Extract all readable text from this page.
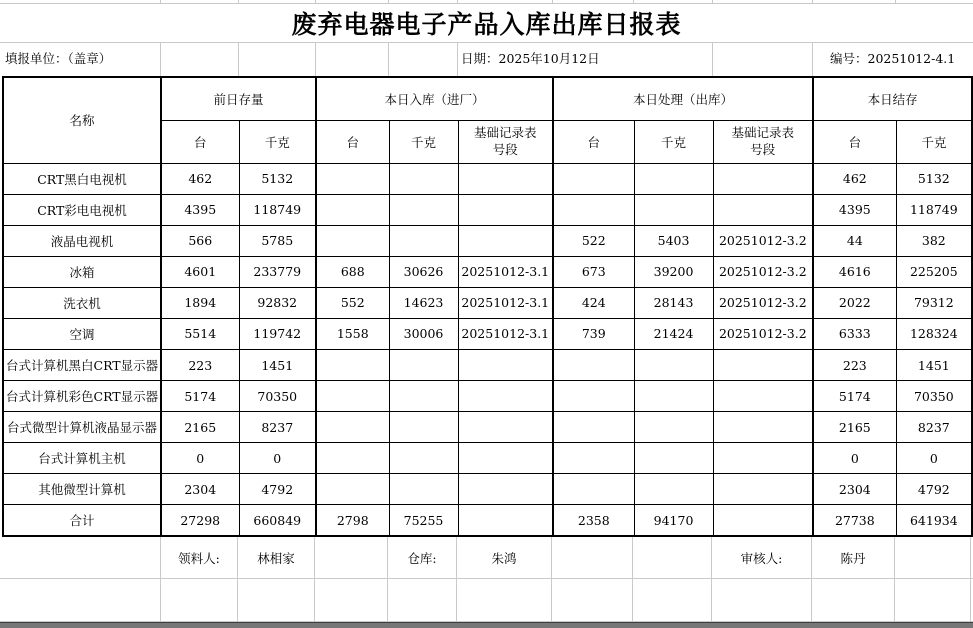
废弃电器电子产品入库出库日报表
填报单位：（盖章）	日期：2025年10月12日	编号：20251012-4.1
名称	前日存量		本日入库（进厂）			本日处理（出库）			本日结存	
	台	千克	台	千克	基础记录表号段	台	千克	基础记录表号段	台	千克
CRT黑白电视机	462	5132							462	5132
CRT彩电电视机	4395	118749							4395	118749
液晶电视机	566	5785				522	5403	20251012-3.2	44	382
冰箱	4601	233779	688	30626	20251012-3.1	673	39200	20251012-3.2	4616	225205
洗衣机	1894	92832	552	14623	20251012-3.1	424	28143	20251012-3.2	2022	79312
空调	5514	119742	1558	30006	20251012-3.1	739	21424	20251012-3.2	6333	128324
台式计算机黑白CRT显示器	223	1451							223	1451
台式计算机彩色CRT显示器	5174	70350							5174	70350
台式微型计算机液晶显示器	2165	8237							2165	8237
台式计算机主机	0	0							0	0
其他微型计算机	2304	4792							2304	4792
合计	27298	660849	2798	75255		2358	94170		27738	641934
领料人:	林相家	仓库:	朱鸿	审核人:	陈丹
